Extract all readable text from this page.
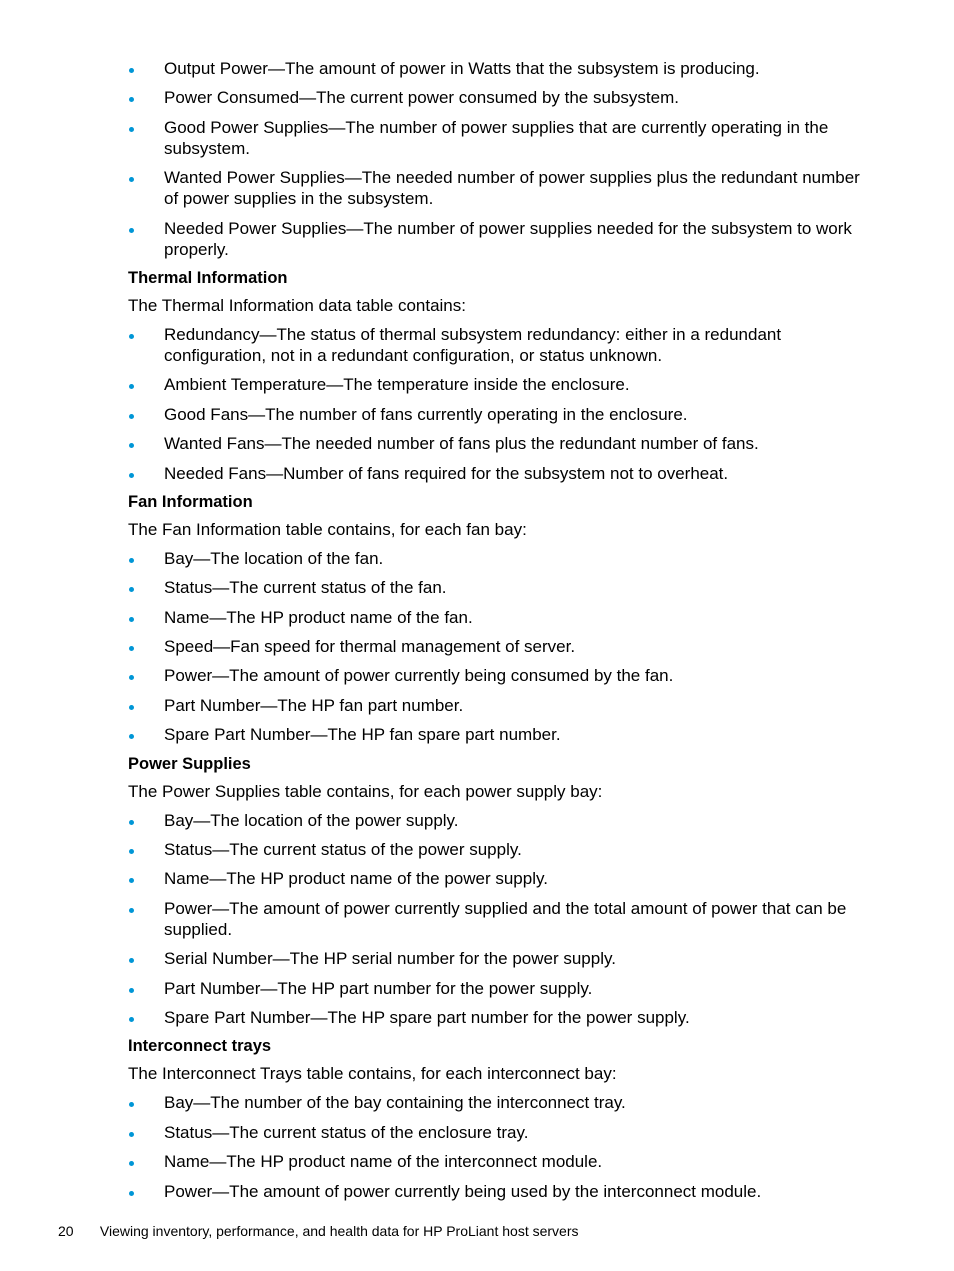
Output Power—The amount of power in Watts that the subsystem is producing.
Power Consumed—The current power consumed by the subsystem.
Good Power Supplies—The number of power supplies that are currently operating in the subsystem.
Wanted Power Supplies—The needed number of power supplies plus the redundant number of power supplies in the subsystem.
Needed Power Supplies—The number of power supplies needed for the subsystem to work properly.
Thermal Information
The Thermal Information data table contains:
Redundancy—The status of thermal subsystem redundancy: either in a redundant configuration, not in a redundant configuration, or status unknown.
Ambient Temperature—The temperature inside the enclosure.
Good Fans—The number of fans currently operating in the enclosure.
Wanted Fans—The needed number of fans plus the redundant number of fans.
Needed Fans—Number of fans required for the subsystem not to overheat.
Fan Information
The Fan Information table contains, for each fan bay:
Bay—The location of the fan.
Status—The current status of the fan.
Name—The HP product name of the fan.
Speed—Fan speed for thermal management of server.
Power—The amount of power currently being consumed by the fan.
Part Number—The HP fan part number.
Spare Part Number—The HP fan spare part number.
Power Supplies
The Power Supplies table contains, for each power supply bay:
Bay—The location of the power supply.
Status—The current status of the power supply.
Name—The HP product name of the power supply.
Power—The amount of power currently supplied and the total amount of power that can be supplied.
Serial Number—The HP serial number for the power supply.
Part Number—The HP part number for the power supply.
Spare Part Number—The HP spare part number for the power supply.
Interconnect trays
The Interconnect Trays table contains, for each interconnect bay:
Bay—The number of the bay containing the interconnect tray.
Status—The current status of the enclosure tray.
Name—The HP product name of the interconnect module.
Power—The amount of power currently being used by the interconnect module.
20 Viewing inventory, performance, and health data for HP ProLiant host servers
